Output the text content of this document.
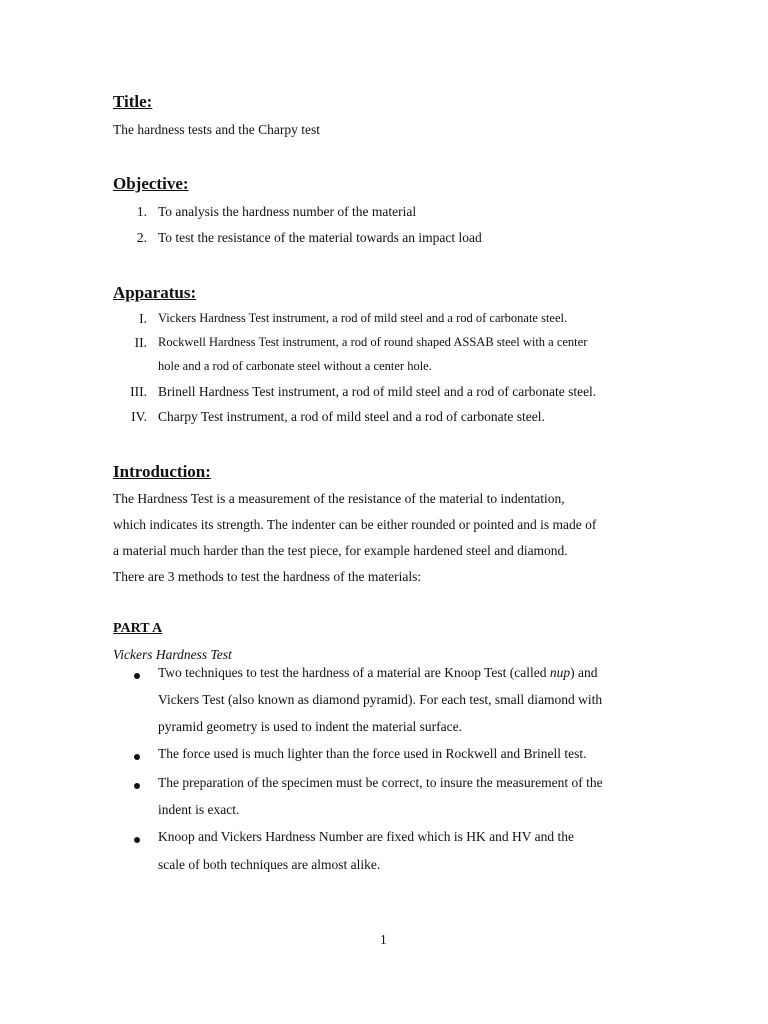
Title:
The hardness tests and the Charpy test
Objective:
1. To analysis the hardness number of the material
2. To test the resistance of the material towards an impact load
Apparatus:
I. Vickers Hardness Test instrument, a rod of mild steel and a rod of carbonate steel.
II. Rockwell Hardness Test instrument, a rod of round shaped ASSAB steel with a center
hole and a rod of carbonate steel without a center hole.
III. Brinell Hardness Test instrument, a rod of mild steel and a rod of carbonate steel.
IV. Charpy Test instrument, a rod of mild steel and a rod of carbonate steel.
Introduction:
The Hardness Test is a measurement of the resistance of the material to indentation,
which indicates its strength. The indenter can be either rounded or pointed and is made of
a material much harder than the test piece, for example hardened steel and diamond.
There are 3 methods to test the hardness of the materials:
PART A
Vickers Hardness Test
Two techniques to test the hardness of a material are Knoop Test (called nup) and
Vickers Test (also known as diamond pyramid). For each test, small diamond with
pyramid geometry is used to indent the material surface.
The force used is much lighter than the force used in Rockwell and Brinell test.
The preparation of the specimen must be correct, to insure the measurement of the
indent is exact.
Knoop and Vickers Hardness Number are fixed which is HK and HV and the
scale of both techniques are almost alike.
1
